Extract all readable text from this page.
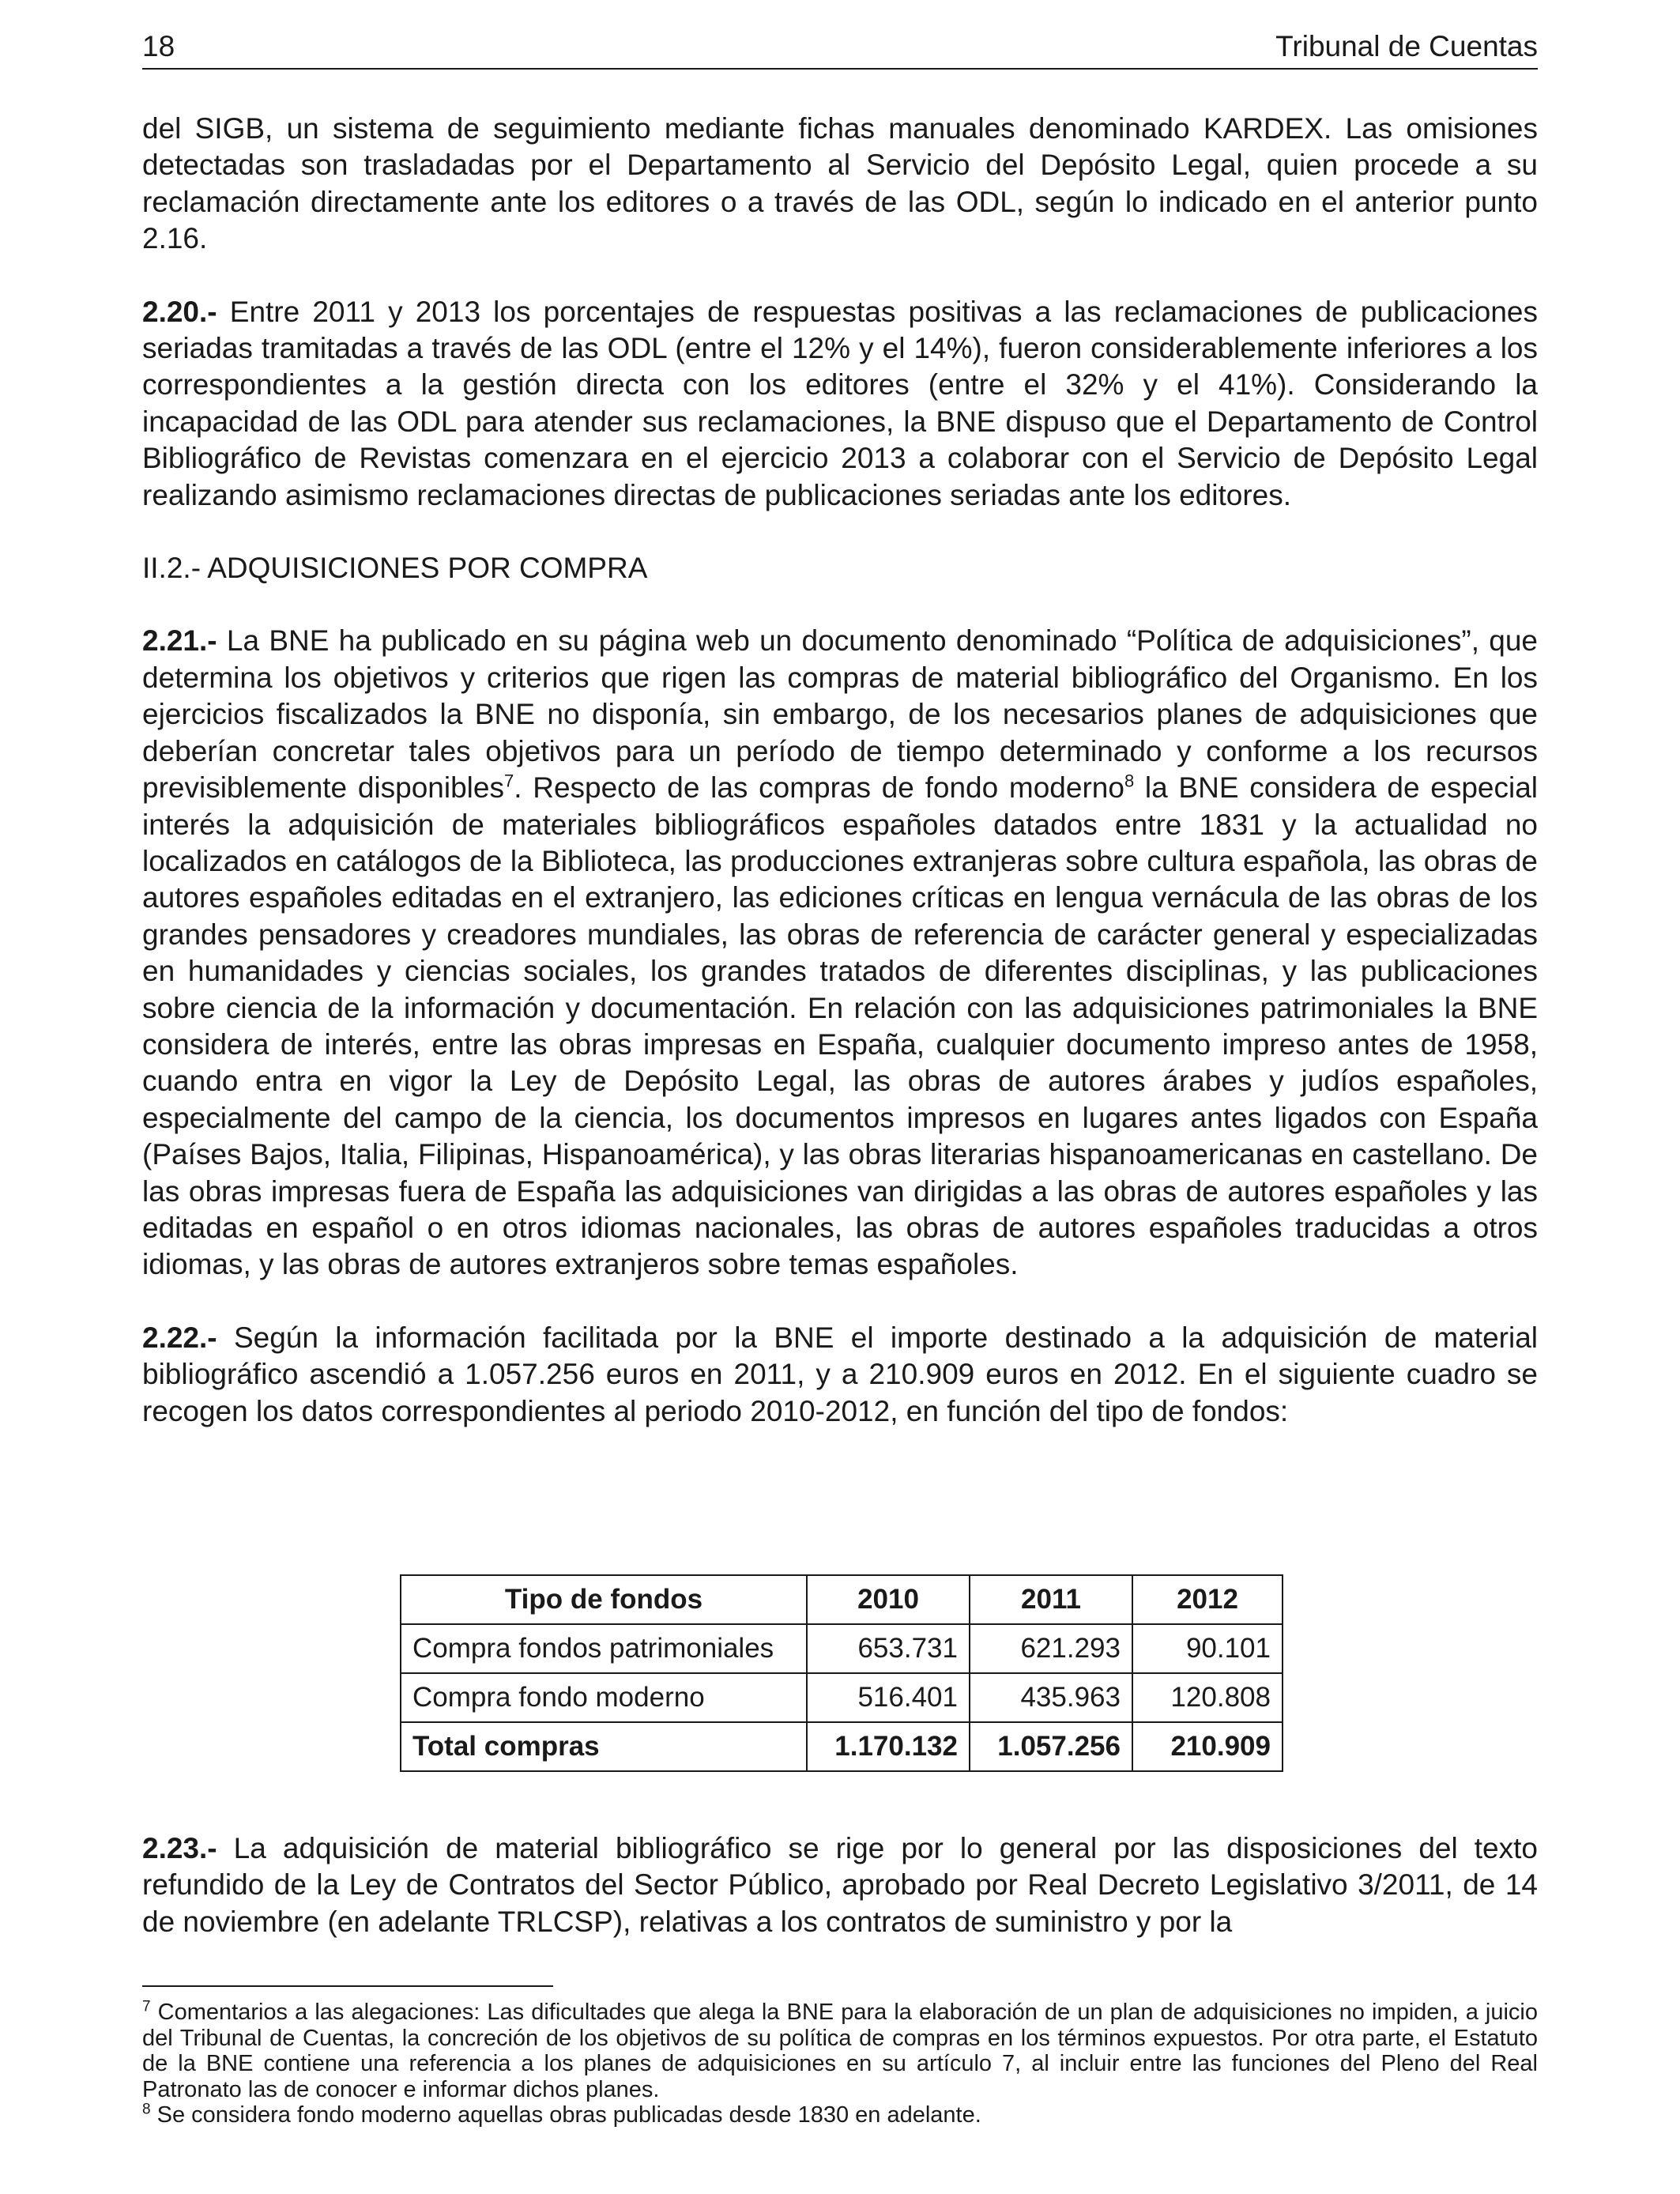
18	Tribunal de Cuentas

del SIGB, un sistema de seguimiento mediante fichas manuales denominado KARDEX. Las omisiones detectadas son trasladadas por el Departamento al Servicio del Depósito Legal, quien procede a su reclamación directamente ante los editores o a través de las ODL, según lo indicado en el anterior punto 2.16.

2.20.- Entre 2011 y 2013 los porcentajes de respuestas positivas a las reclamaciones de publicaciones seriadas tramitadas a través de las ODL (entre el 12% y el 14%), fueron considerablemente inferiores a los correspondientes a la gestión directa con los editores (entre el 32% y el 41%). Considerando la incapacidad de las ODL para atender sus reclamaciones, la BNE dispuso que el Departamento de Control Bibliográfico de Revistas comenzara en el ejercicio 2013 a colaborar con el Servicio de Depósito Legal realizando asimismo reclamaciones directas de publicaciones seriadas ante los editores.

II.2.- ADQUISICIONES POR COMPRA

2.21.- La BNE ha publicado en su página web un documento denominado “Política de adquisiciones”, que determina los objetivos y criterios que rigen las compras de material bibliográfico del Organismo. En los ejercicios fiscalizados la BNE no disponía, sin embargo, de los necesarios planes de adquisiciones que deberían concretar tales objetivos para un período de tiempo determinado y conforme a los recursos previsiblemente disponibles$^7$. Respecto de las compras de fondo moderno$^8$ la BNE considera de especial interés la adquisición de materiales bibliográficos españoles datados entre 1831 y la actualidad no localizados en catálogos de la Biblioteca, las producciones extranjeras sobre cultura española, las obras de autores españoles editadas en el extranjero, las ediciones críticas en lengua vernácula de las obras de los grandes pensadores y creadores mundiales, las obras de referencia de carácter general y especializadas en humanidades y ciencias sociales, los grandes tratados de diferentes disciplinas, y las publicaciones sobre ciencia de la información y documentación. En relación con las adquisiciones patrimoniales la BNE considera de interés, entre las obras impresas en España, cualquier documento impreso antes de 1958, cuando entra en vigor la Ley de Depósito Legal, las obras de autores árabes y judíos españoles, especialmente del campo de la ciencia, los documentos impresos en lugares antes ligados con España (Países Bajos, Italia, Filipinas, Hispanoamérica), y las obras literarias hispanoamericanas en castellano. De las obras impresas fuera de España las adquisiciones van dirigidas a las obras de autores españoles y las editadas en español o en otros idiomas nacionales, las obras de autores españoles traducidas a otros idiomas, y las obras de autores extranjeros sobre temas españoles.

2.22.- Según la información facilitada por la BNE el importe destinado a la adquisición de material bibliográfico ascendió a 1.057.256 euros en 2011, y a 210.909 euros en 2012. En el siguiente cuadro se recogen los datos correspondientes al periodo 2010-2012, en función del tipo de fondos:

Tipo de fondos	2010	2011	2012
Compra fondos patrimoniales	653.731	621.293	90.101
Compra fondo moderno	516.401	435.963	120.808
Total compras	1.170.132	1.057.256	210.909

2.23.- La adquisición de material bibliográfico se rige por lo general por las disposiciones del texto refundido de la Ley de Contratos del Sector Público, aprobado por Real Decreto Legislativo 3/2011, de 14 de noviembre (en adelante TRLCSP), relativas a los contratos de suministro y por la

$^7$ Comentarios a las alegaciones: Las dificultades que alega la BNE para la elaboración de un plan de adquisiciones no impiden, a juicio del Tribunal de Cuentas, la concreción de los objetivos de su política de compras en los términos expuestos. Por otra parte, el Estatuto de la BNE contiene una referencia a los planes de adquisiciones en su artículo 7, al incluir entre las funciones del Pleno del Real Patronato las de conocer e informar dichos planes.

$^8$ Se considera fondo moderno aquellas obras publicadas desde 1830 en adelante.
